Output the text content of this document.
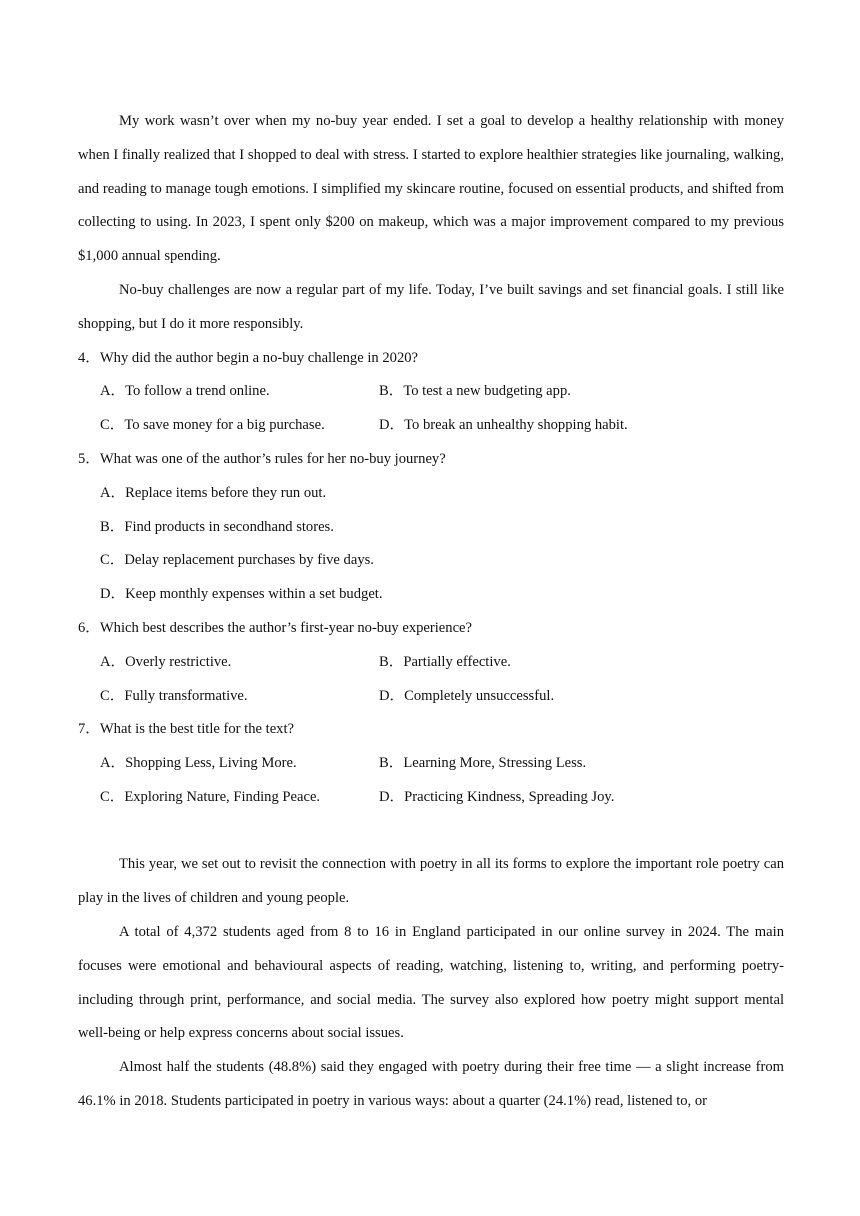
My work wasn’t over when my no-buy year ended. I set a goal to develop a healthy relationship with money when I finally realized that I shopped to deal with stress. I started to explore healthier strategies like journaling, walking, and reading to manage tough emotions. I simplified my skincare routine, focused on essential products, and shifted from collecting to using. In 2023, I spent only $200 on makeup, which was a major improvement compared to my previous $1,000 annual spending.

No-buy challenges are now a regular part of my life. Today, I’ve built savings and set financial goals. I still like shopping, but I do it more responsibly.

4．Why did the author begin a no-buy challenge in 2020?

A．To follow a trend online.	B．To test a new budgeting app.
C．To save money for a big purchase.	D．To break an unhealthy shopping habit.

5．What was one of the author’s rules for her no-buy journey?

A．Replace items before they run out.
B．Find products in secondhand stores.
C．Delay replacement purchases by five days.
D．Keep monthly expenses within a set budget.

6．Which best describes the author’s first-year no-buy experience?

A．Overly restrictive.	B．Partially effective.
C．Fully transformative.	D．Completely unsuccessful.

7．What is the best title for the text?

A．Shopping Less, Living More.	B．Learning More, Stressing Less.
C．Exploring Nature, Finding Peace.	D．Practicing Kindness, Spreading Joy.

This year, we set out to revisit the connection with poetry in all its forms to explore the important role poetry can play in the lives of children and young people.

A total of 4,372 students aged from 8 to 16 in England participated in our online survey in 2024. The main focuses were emotional and behavioural aspects of reading, watching, listening to, writing, and performing poetry-including through print, performance, and social media. The survey also explored how poetry might support mental well-being or help express concerns about social issues.

Almost half the students (48.8%) said they engaged with poetry during their free time — a slight increase from 46.1% in 2018. Students participated in poetry in various ways: about a quarter (24.1%) read, listened to, or
